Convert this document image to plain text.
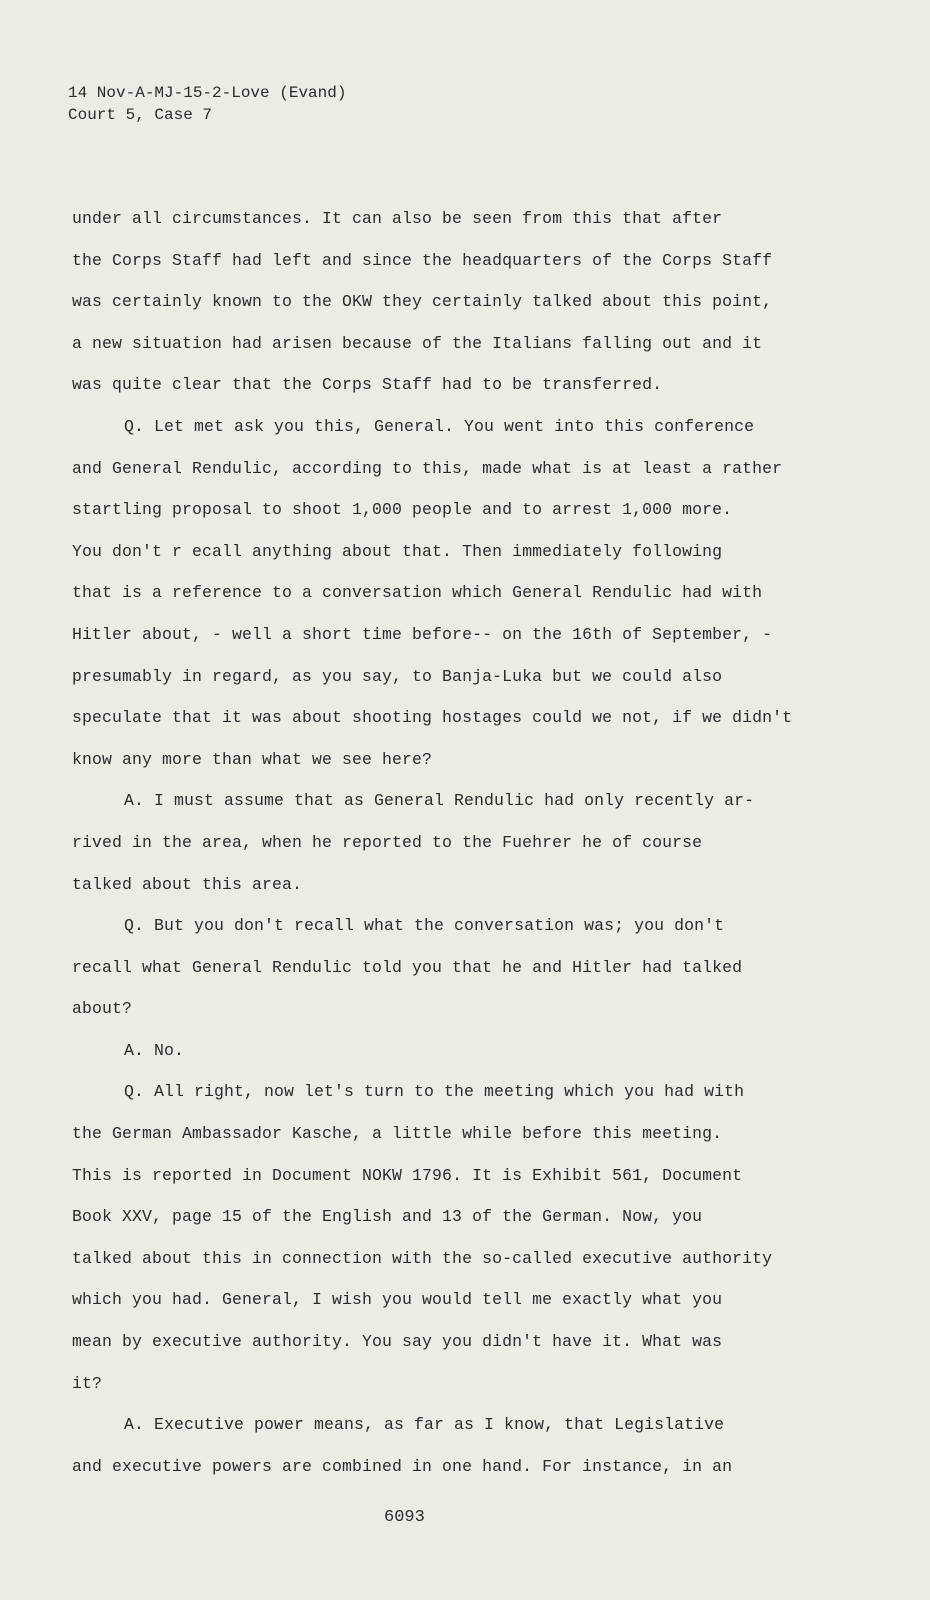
14 Nov-A-MJ-15-2-Love (Evand)
Court 5, Case 7
under all circumstances. It can also be seen from this that after
the Corps Staff had left and since the headquarters of the Corps Staff
was certainly known to the OKW they certainly talked about this point,
a new situation had arisen because of the Italians falling out and it
was quite clear that the Corps Staff had to be transferred.
Q. Let met ask you this, General. You went into this conference
and General Rendulic, according to this, made what is at least a rather
startling proposal to shoot 1,000 people and to arrest 1,000 more.
You don't r ecall anything about that. Then immediately following
that is a reference to a conversation which General Rendulic had with
Hitler about, - well a short time before-- on the 16th of September, -
presumably in regard, as you say, to Banja-Luka but we could also
speculate that it was about shooting hostages could we not, if we didn't
know any more than what we see here?
A. I must assume that as General Rendulic had only recently ar-
rived in the area, when he reported to the Fuehrer he of course
talked about this area.
Q. But you don't recall what the conversation was; you don't
recall what General Rendulic told you that he and Hitler had talked
about?
A. No.
Q. All right, now let's turn to the meeting which you had with
the German Ambassador Kasche, a little while before this meeting.
This is reported in Document NOKW 1796. It is Exhibit 561, Document
Book XXV, page 15 of the English and 13 of the German. Now, you
talked about this in connection with the so-called executive authority
which you had. General, I wish you would tell me exactly what you
mean by executive authority. You say you didn't have it. What was
it?
A. Executive power means, as far as I know, that Legislative
and executive powers are combined in one hand. For instance, in an
6093
